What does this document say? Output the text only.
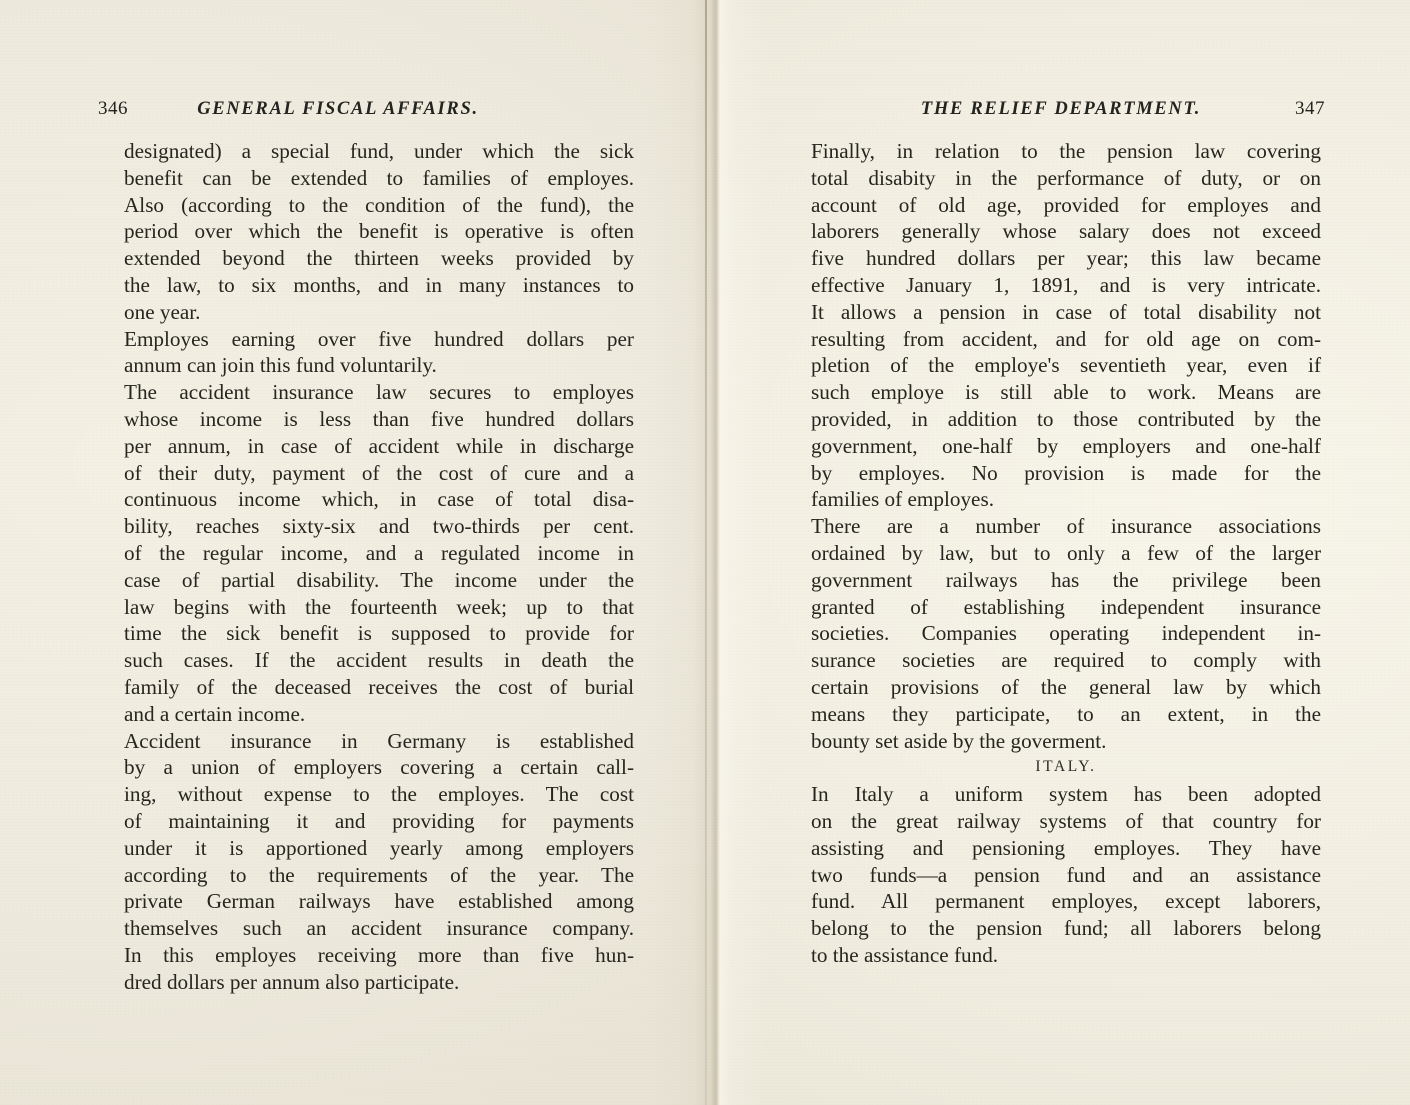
346	GENERAL FISCAL AFFAIRS.

designated) a special fund, under which the sick
benefit can be extended to families of employes.
Also (according to the condition of the fund), the
period over which the benefit is operative is often
extended beyond the thirteen weeks provided by
the law, to six months, and in many instances to
one year.

Employes earning over five hundred dollars per
annum can join this fund voluntarily.

The accident insurance law secures to employes
whose income is less than five hundred dollars
per annum, in case of accident while in discharge
of their duty, payment of the cost of cure and a
continuous income which, in case of total disa-
bility, reaches sixty-six and two-thirds per cent.
of the regular income, and a regulated income in
case of partial disability. The income under the
law begins with the fourteenth week; up to that
time the sick benefit is supposed to provide for
such cases. If the accident results in death the
family of the deceased receives the cost of burial
and a certain income.

Accident insurance in Germany is established
by a union of employers covering a certain call-
ing, without expense to the employes. The cost
of maintaining it and providing for payments
under it is apportioned yearly among employers
according to the requirements of the year. The
private German railways have established among
themselves such an accident insurance company.
In this employes receiving more than five hun-
dred dollars per annum also participate.

THE RELIEF DEPARTMENT.	347

Finally, in relation to the pension law covering
total disabity in the performance of duty, or on
account of old age, provided for employes and
laborers generally whose salary does not exceed
five hundred dollars per year; this law became
effective January 1, 1891, and is very intricate.
It allows a pension in case of total disability not
resulting from accident, and for old age on com-
pletion of the employe's seventieth year, even if
such employe is still able to work. Means are
provided, in addition to those contributed by the
government, one-half by employers and one-half
by employes. No provision is made for the
families of employes.

There are a number of insurance associations
ordained by law, but to only a few of the larger
government railways has the privilege been
granted of establishing independent insurance
societies. Companies operating independent in-
surance societies are required to comply with
certain provisions of the general law by which
means they participate, to an extent, in the
bounty set aside by the goverment.

ITALY.

In Italy a uniform system has been adopted
on the great railway systems of that country for
assisting and pensioning employes. They have
two funds—a pension fund and an assistance
fund. All permanent employes, except laborers,
belong to the pension fund; all laborers belong
to the assistance fund.
